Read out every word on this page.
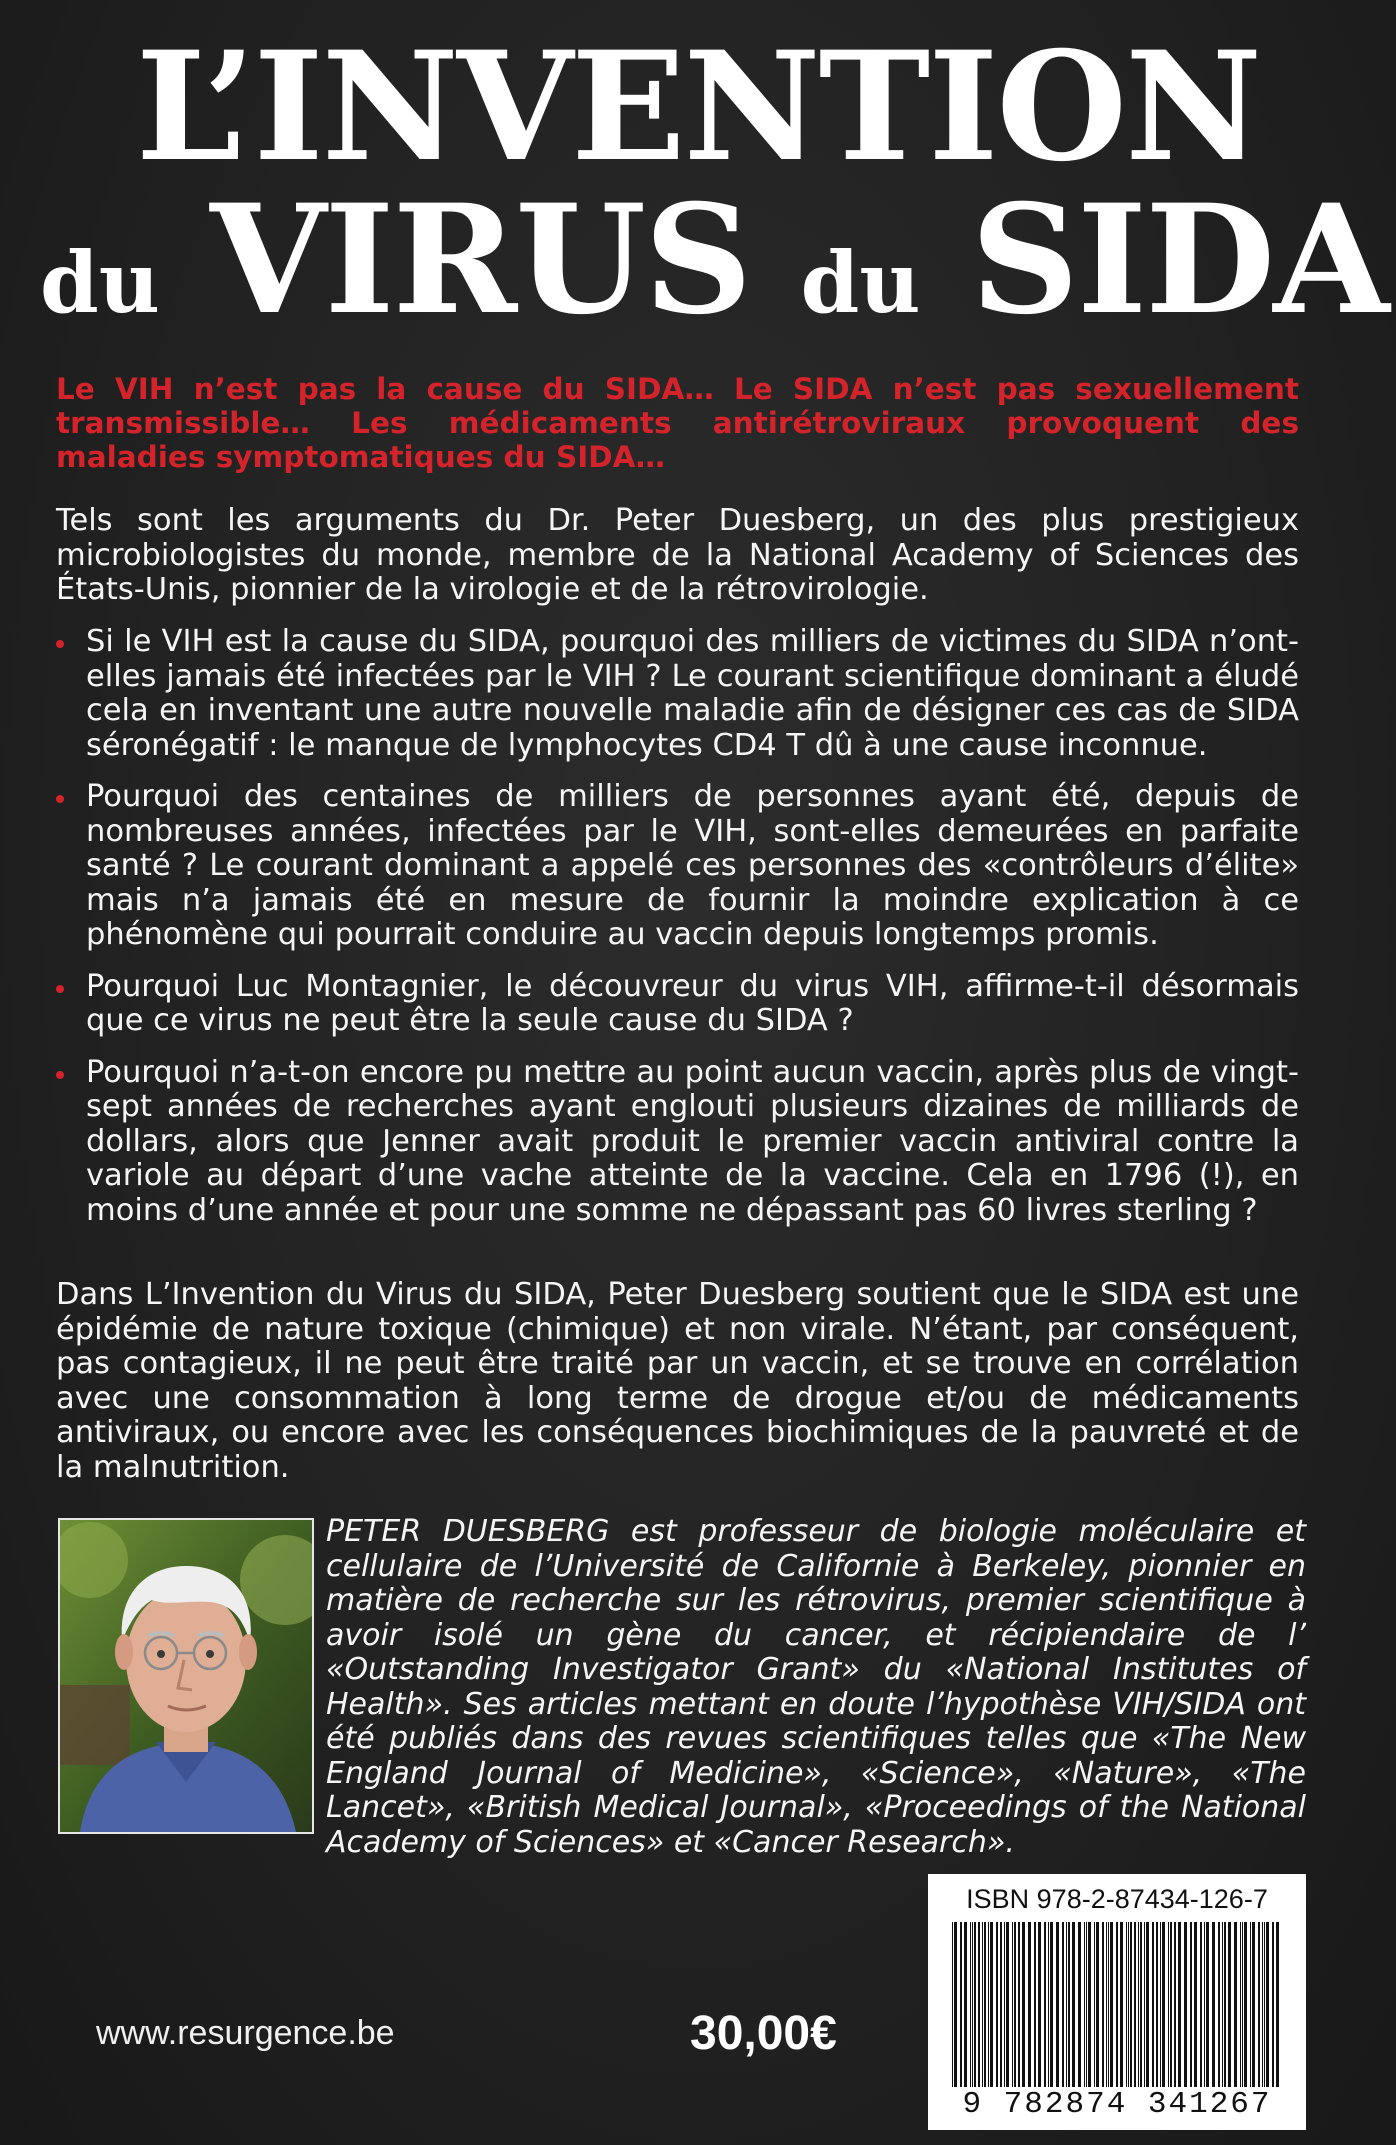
L’INVENTION
du VIRUS du SIDA

Le VIH n’est pas la cause du SIDA… Le SIDA n’est pas sexuellement transmissible… Les médicaments antirétroviraux provoquent des maladies symptomatiques du SIDA…

Tels sont les arguments du Dr. Peter Duesberg, un des plus prestigieux microbiologistes du monde, membre de la National Academy of Sciences des États-Unis, pionnier de la virologie et de la rétrovirologie.

Si le VIH est la cause du SIDA, pourquoi des milliers de victimes du SIDA n’ont-elles jamais été infectées par le VIH ? Le courant scientifique dominant a éludé cela en inventant une autre nouvelle maladie afin de désigner ces cas de SIDA séronégatif : le manque de lymphocytes CD4 T dû à une cause inconnue.
Pourquoi des centaines de milliers de personnes ayant été, depuis de nombreuses années, infectées par le VIH, sont-elles demeurées en parfaite santé ? Le courant dominant a appelé ces personnes des «contrôleurs d’élite» mais n’a jamais été en mesure de fournir la moindre explication à ce phénomène qui pourrait conduire au vaccin depuis longtemps promis.
Pourquoi Luc Montagnier, le découvreur du virus VIH, affirme-t-il désormais que ce virus ne peut être la seule cause du SIDA ?
Pourquoi n’a-t-on encore pu mettre au point aucun vaccin, après plus de vingt-sept années de recherches ayant englouti plusieurs dizaines de milliards de dollars, alors que Jenner avait produit le premier vaccin antiviral contre la variole au départ d’une vache atteinte de la vaccine. Cela en 1796 (!), en moins d’une année et pour une somme ne dépassant pas 60 livres sterling ?

Dans L’Invention du Virus du SIDA, Peter Duesberg soutient que le SIDA est une épidémie de nature toxique (chimique) et non virale. N’étant, par conséquent, pas contagieux, il ne peut être traité par un vaccin, et se trouve en corrélation avec une consommation à long terme de drogue et/ou de médicaments antiviraux, ou encore avec les conséquences biochimiques de la pauvreté et de la malnutrition.

PETER DUESBERG est professeur de biologie moléculaire et cellulaire de l’Université de Californie à Berkeley, pionnier en matière de recherche sur les rétrovirus, premier scientifique à avoir isolé un gène du cancer, et récipiendaire de l’ «Outstanding Investigator Grant» du «National Institutes of Health». Ses articles mettant en doute l’hypothèse VIH/SIDA ont été publiés dans des revues scientifiques telles que «The New England Journal of Medicine», «Science», «Nature», «The Lancet», «British Medical Journal», «Proceedings of the National Academy of Sciences» et «Cancer Research».

ISBN 978-2-87434-126-7
9 782874 341267
www.resurgence.be	30,00€
